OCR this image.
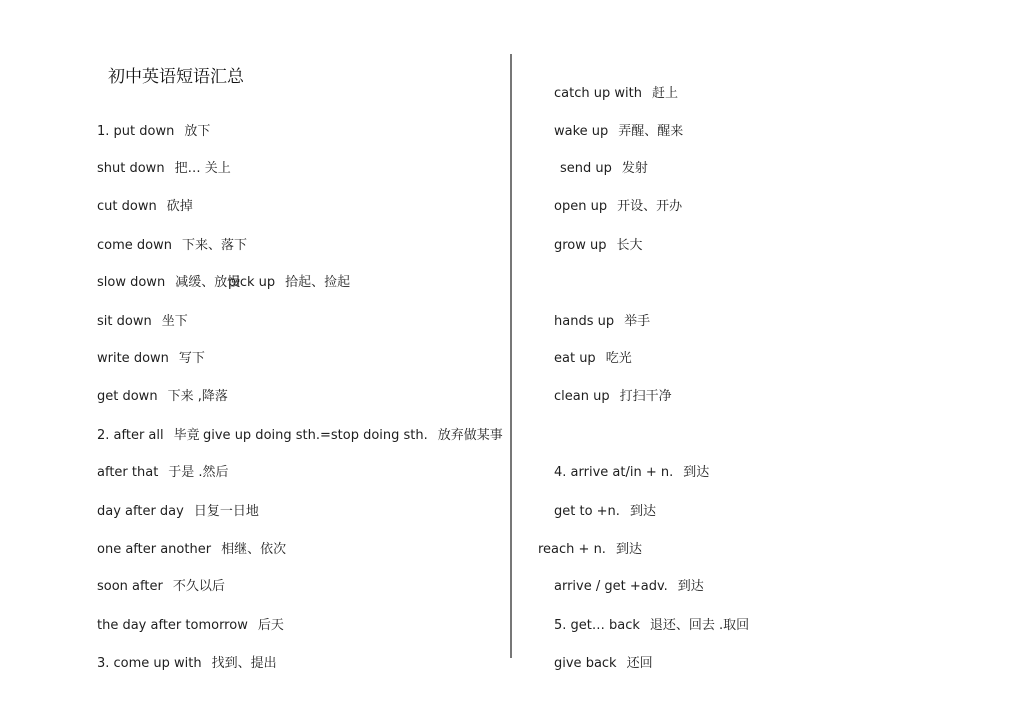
初中英语短语汇总
1. put down 放下
shut down 把… 关上
cut down 砍掉
come down 下来、落下
slow down 减缓、放慢
pick up 拾起、捡起
sit down 坐下
write down 写下
get down 下来 ,降落
2. after all 毕竟 give up doing sth.=stop doing sth. 放弃做某事
after that 于是 .然后
day after day 日复一日地
one after another 相继、依次
soon after 不久以后
the day after tomorrow 后天
3. come up with 找到、提出
catch up with 赶上
wake up 弄醒、醒来
send up 发射
open up 开设、开办
grow up 长大
hands up 举手
eat up 吃光
clean up 打扫干净
4. arrive at/in + n. 到达
get to +n. 到达
reach + n. 到达
arrive / get +adv. 到达
5. get… back 退还、回去 .取回
give back 还回
